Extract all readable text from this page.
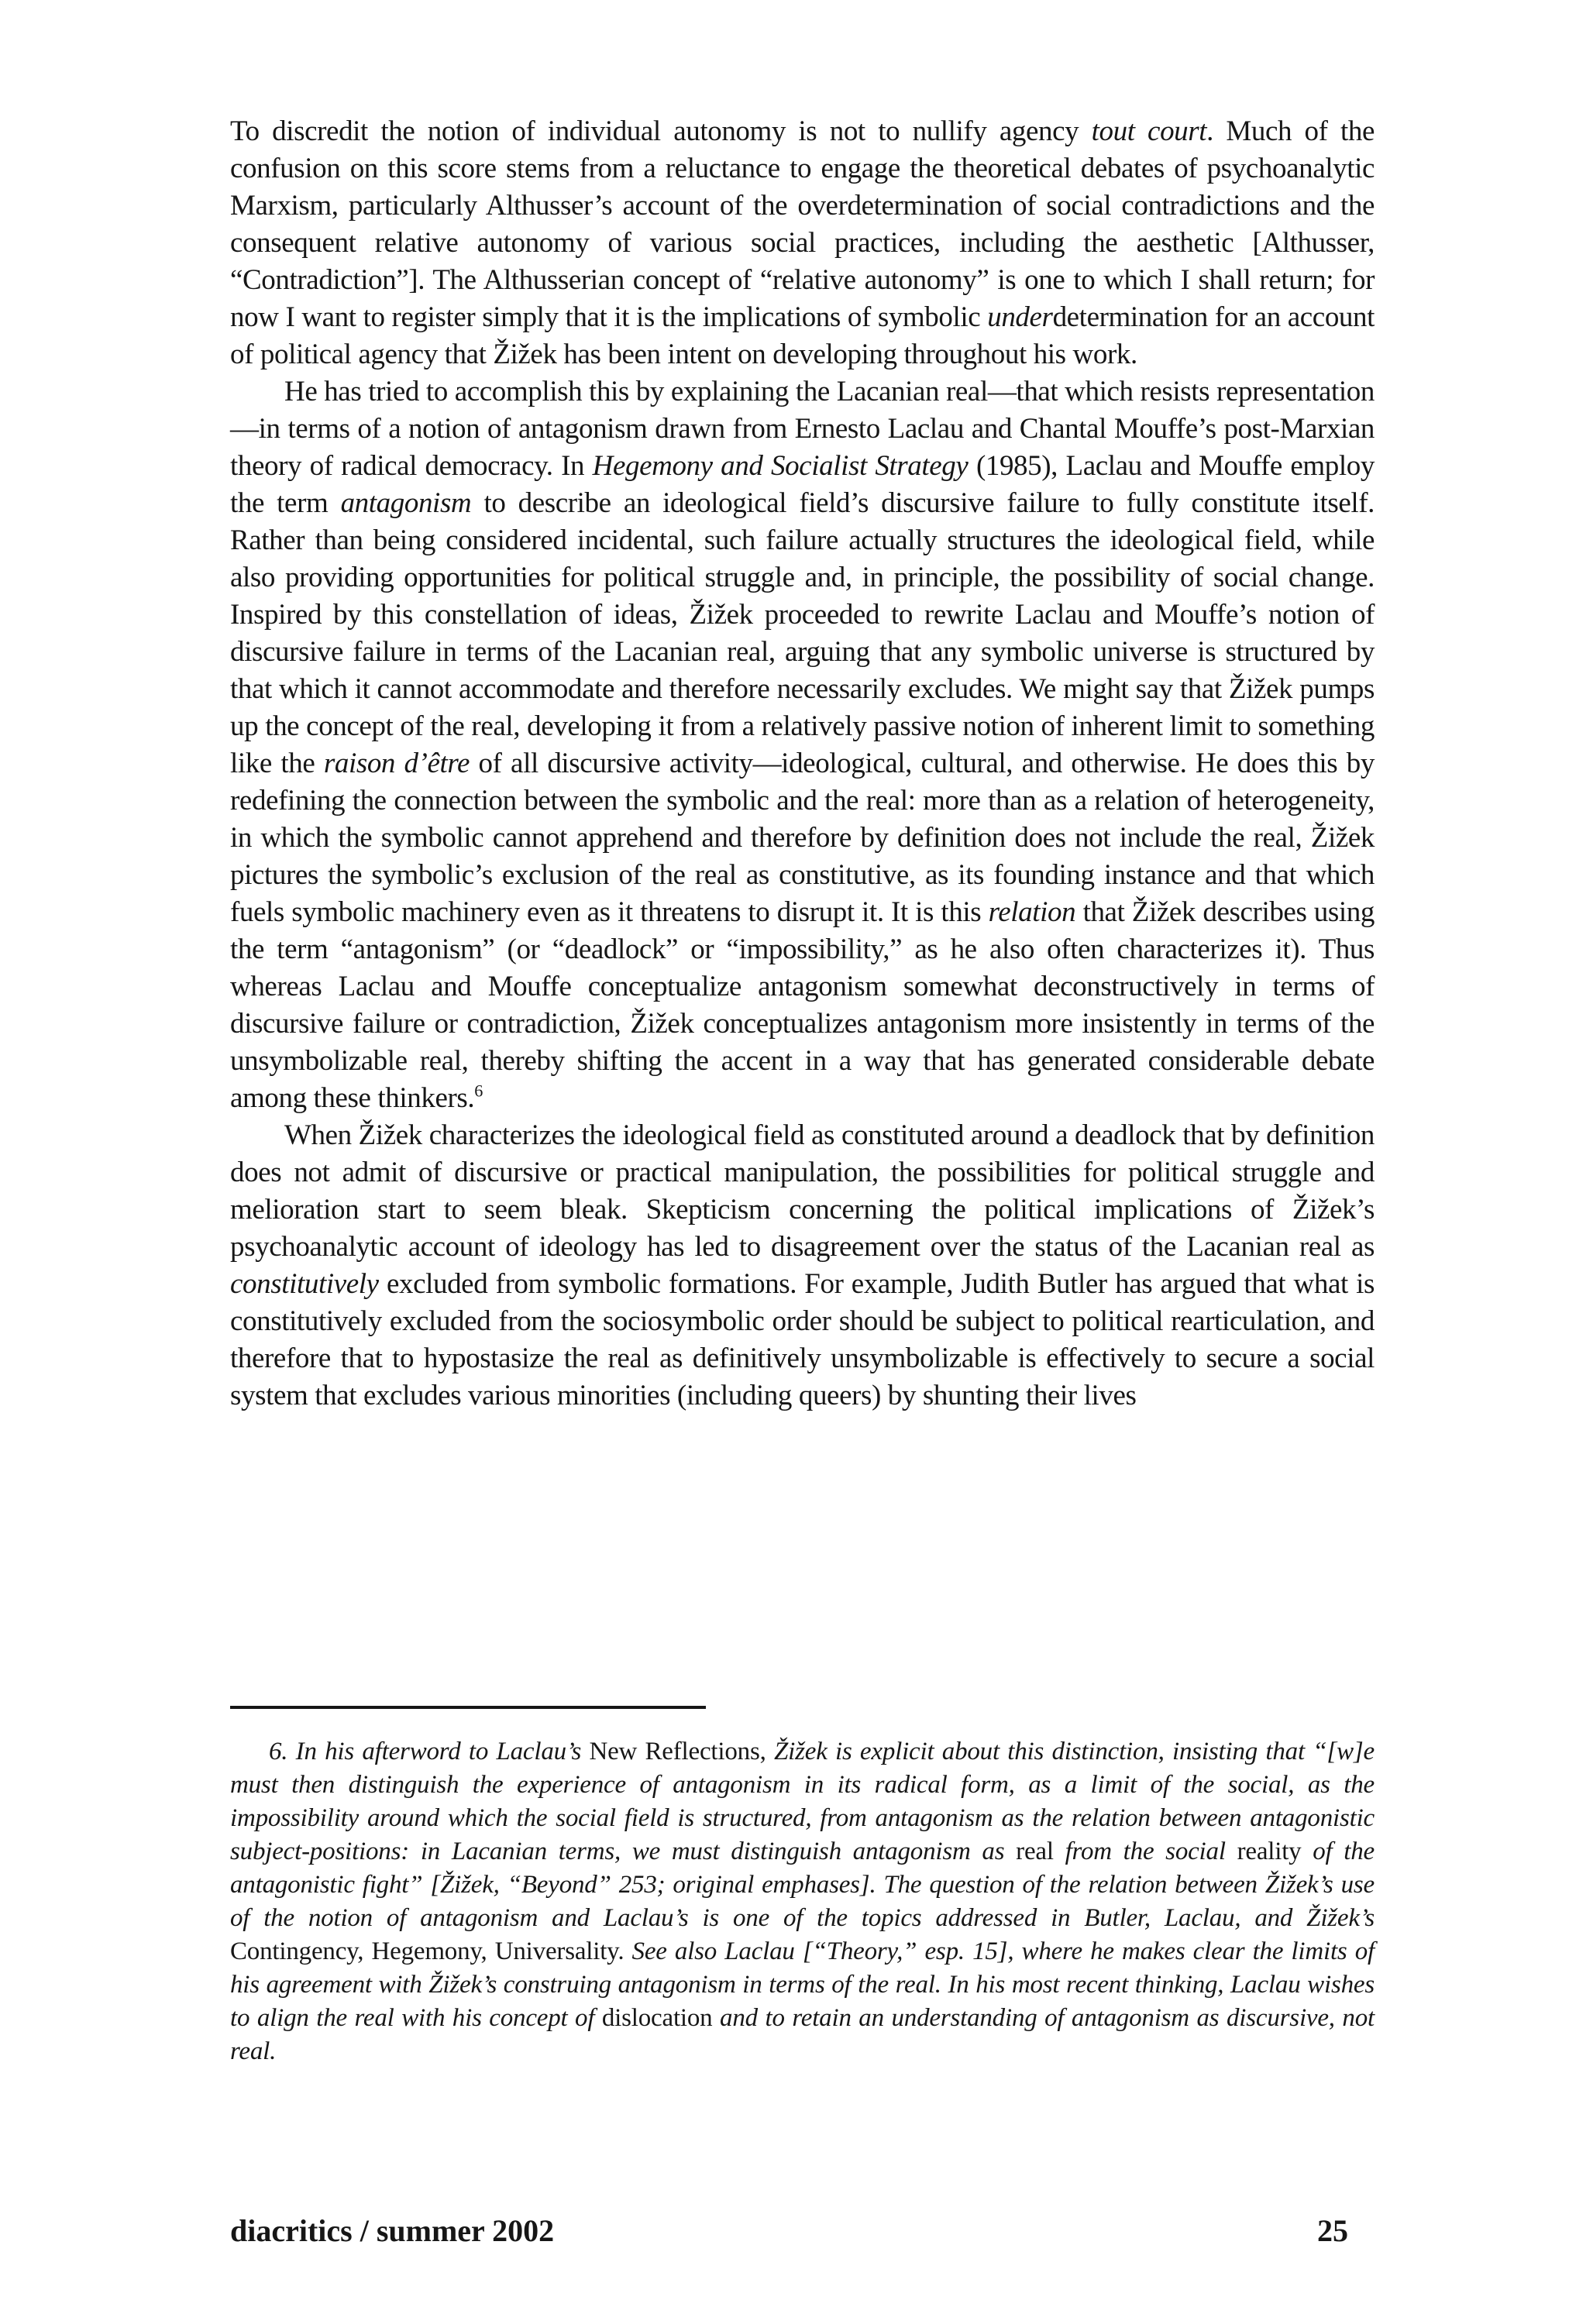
To discredit the notion of individual autonomy is not to nullify agency tout court. Much of the confusion on this score stems from a reluctance to engage the theoretical debates of psychoanalytic Marxism, particularly Althusser’s account of the overdetermination of social contradictions and the consequent relative autonomy of various social practices, including the aesthetic [Althusser, “Contradiction”]. The Althusserian concept of “relative autonomy” is one to which I shall return; for now I want to register simply that it is the implications of symbolic underdetermination for an account of political agency that Žižek has been intent on developing throughout his work.

He has tried to accomplish this by explaining the Lacanian real—that which resists representation—in terms of a notion of antagonism drawn from Ernesto Laclau and Chantal Mouffe’s post-Marxian theory of radical democracy. In Hegemony and Socialist Strategy (1985), Laclau and Mouffe employ the term antagonism to describe an ideological field’s discursive failure to fully constitute itself. Rather than being considered incidental, such failure actually structures the ideological field, while also providing opportunities for political struggle and, in principle, the possibility of social change. Inspired by this constellation of ideas, Žižek proceeded to rewrite Laclau and Mouffe’s notion of discursive failure in terms of the Lacanian real, arguing that any symbolic universe is structured by that which it cannot accommodate and therefore necessarily excludes. We might say that Žižek pumps up the concept of the real, developing it from a relatively passive notion of inherent limit to something like the raison d’être of all discursive activity—ideological, cultural, and otherwise. He does this by redefining the connection between the symbolic and the real: more than as a relation of heterogeneity, in which the symbolic cannot apprehend and therefore by definition does not include the real, Žižek pictures the symbolic’s exclusion of the real as constitutive, as its founding instance and that which fuels symbolic machinery even as it threatens to disrupt it. It is this relation that Žižek describes using the term “antagonism” (or “deadlock” or “impossibility,” as he also often characterizes it). Thus whereas Laclau and Mouffe conceptualize antagonism somewhat deconstructively in terms of discursive failure or contradiction, Žižek conceptualizes antagonism more insistently in terms of the unsymbolizable real, thereby shifting the accent in a way that has generated considerable debate among these thinkers.$^6$

When Žižek characterizes the ideological field as constituted around a deadlock that by definition does not admit of discursive or practical manipulation, the possibilities for political struggle and melioration start to seem bleak. Skepticism concerning the political implications of Žižek’s psychoanalytic account of ideology has led to disagreement over the status of the Lacanian real as constitutively excluded from symbolic formations. For example, Judith Butler has argued that what is constitutively excluded from the sociosymbolic order should be subject to political rearticulation, and therefore that to hypostasize the real as definitively unsymbolizable is effectively to secure a social system that excludes various minorities (including queers) by shunting their lives

6. In his afterword to Laclau’s New Reflections, Žižek is explicit about this distinction, insisting that “[w]e must then distinguish the experience of antagonism in its radical form, as a limit of the social, as the impossibility around which the social field is structured, from antagonism as the relation between antagonistic subject-positions: in Lacanian terms, we must distinguish antagonism as real from the social reality of the antagonistic fight” [Žižek, “Beyond” 253; original emphases]. The question of the relation between Žižek’s use of the notion of antagonism and Laclau’s is one of the topics addressed in Butler, Laclau, and Žižek’s Contingency, Hegemony, Universality. See also Laclau [“Theory,” esp. 15], where he makes clear the limits of his agreement with Žižek’s construing antagonism in terms of the real. In his most recent thinking, Laclau wishes to align the real with his concept of dislocation and to retain an understanding of antagonism as discursive, not real.
diacritics / summer 2002	25
